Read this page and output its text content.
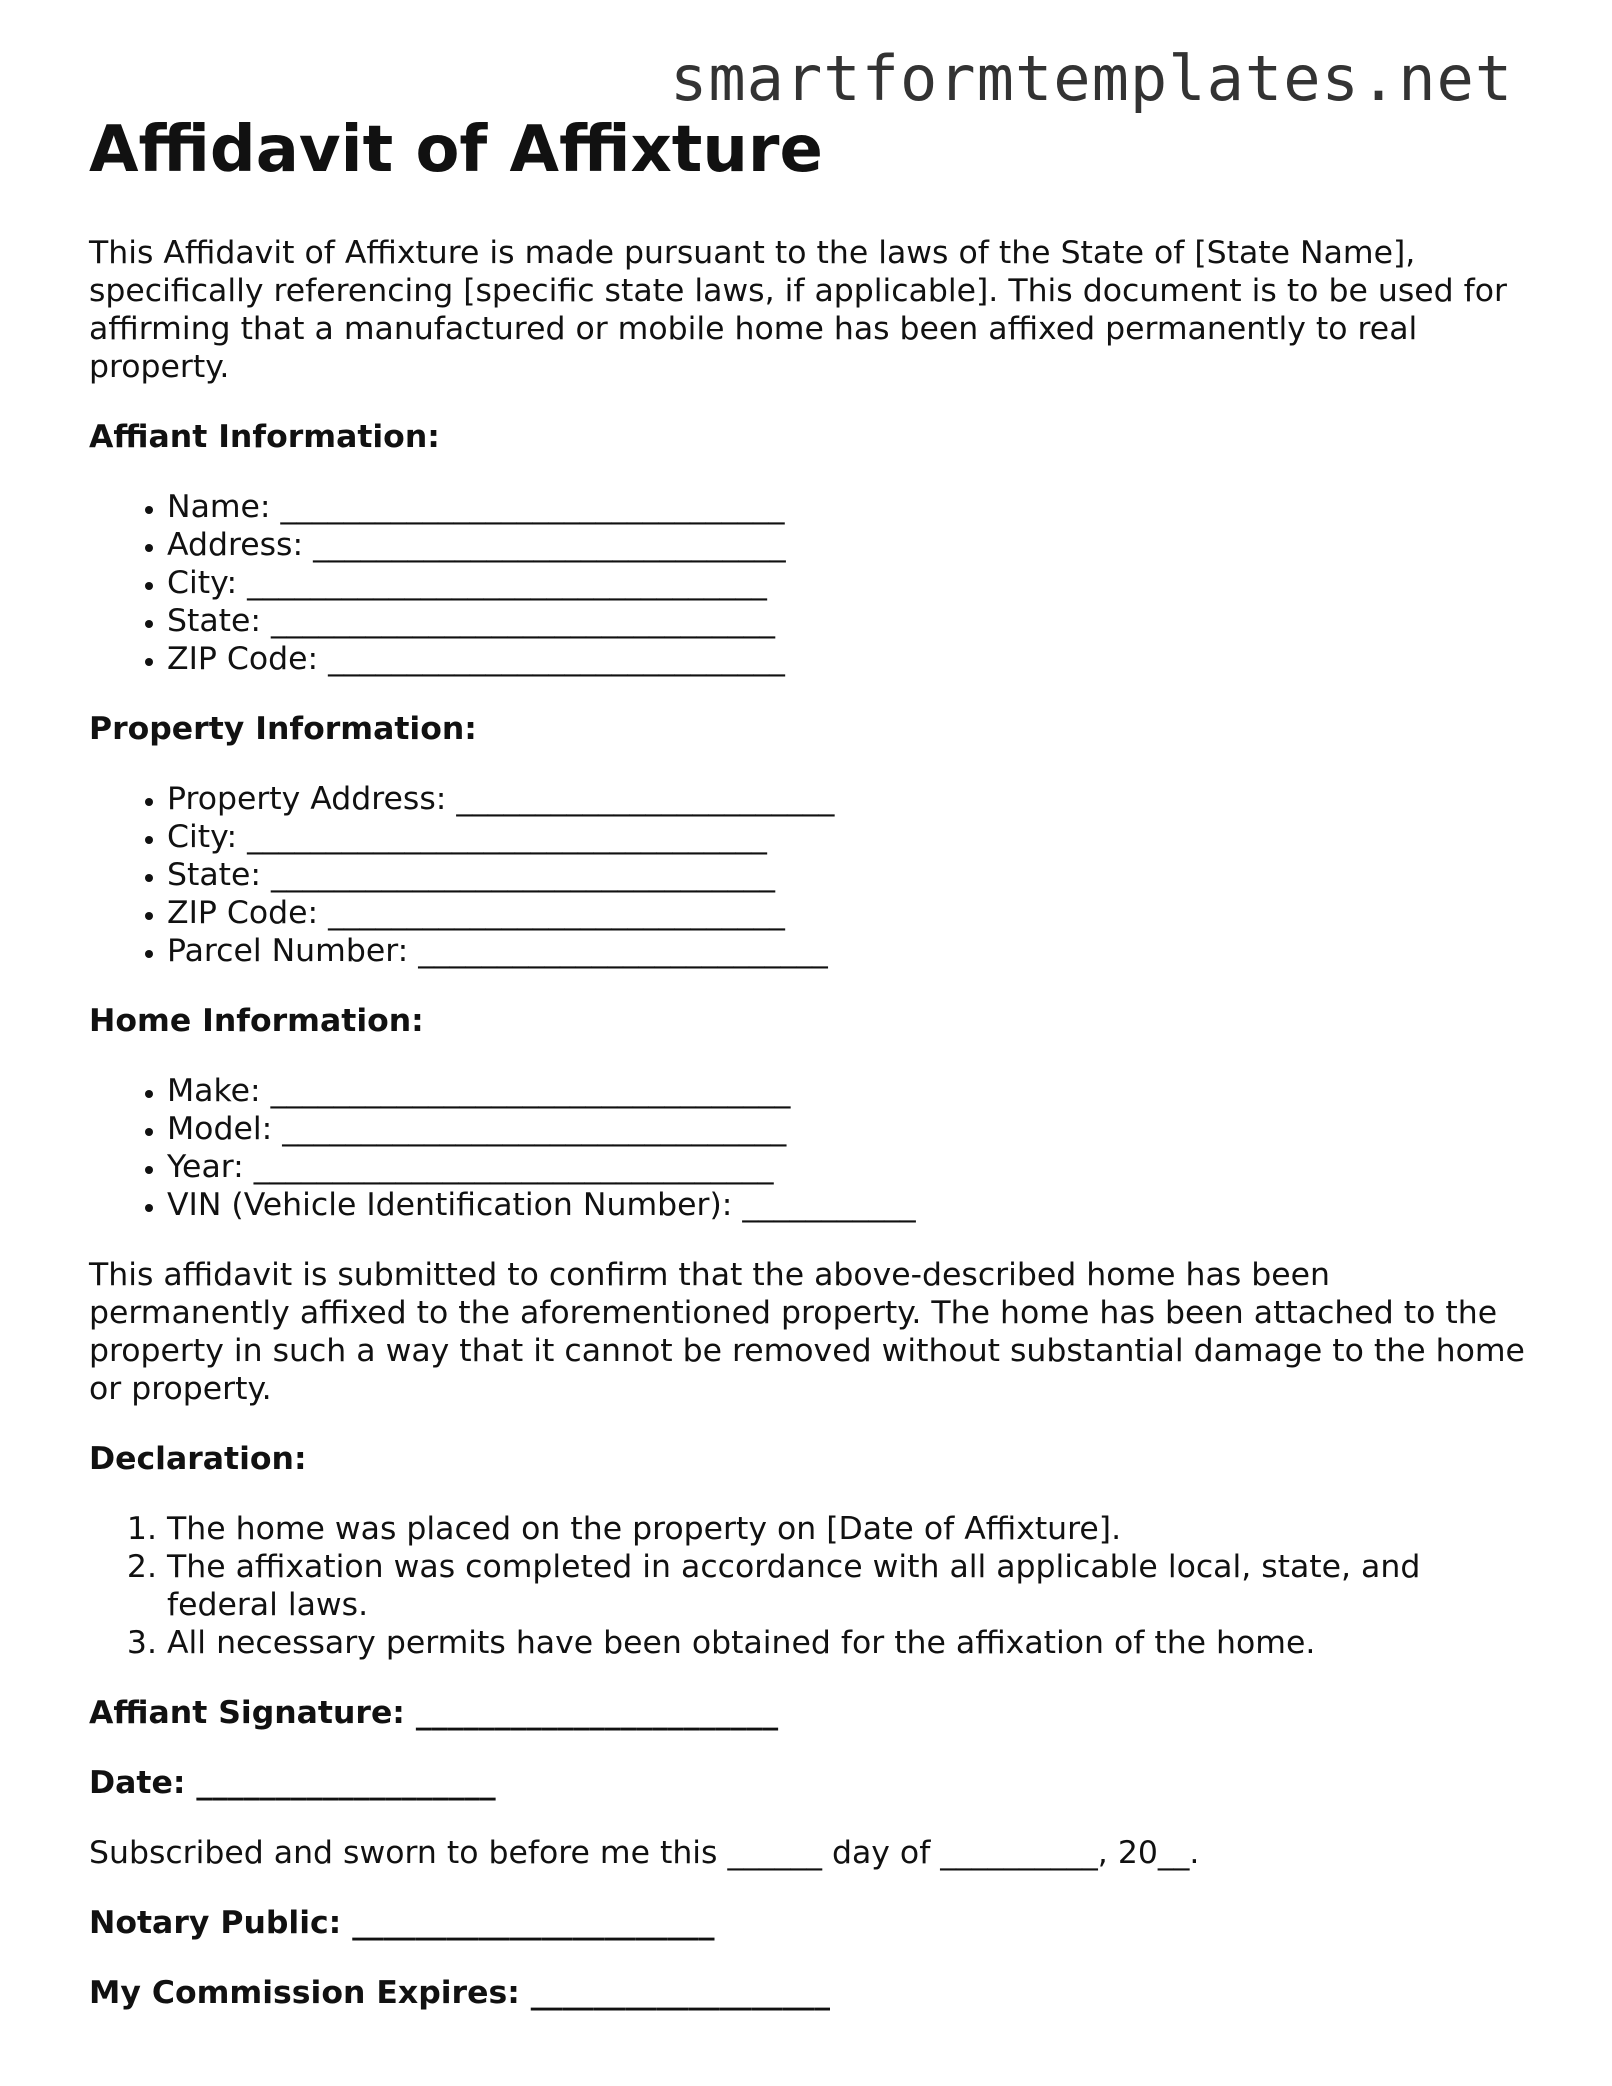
smartformtemplates.net
Affidavit of Affixture

This Affidavit of Affixture is made pursuant to the laws of the State of [State Name], specifically referencing [specific state laws, if applicable]. This document is to be used for affirming that a manufactured or mobile home has been affixed permanently to real property.

Affiant Information:
• Name: ________________________________
• Address: ______________________________
• City: _________________________________
• State: ________________________________
• ZIP Code: _____________________________
Property Information:
• Property Address: ________________________
• City: _________________________________
• State: ________________________________
• ZIP Code: _____________________________
• Parcel Number: __________________________
Home Information:
• Make: _________________________________
• Model: ________________________________
• Year: _________________________________
• VIN (Vehicle Identification Number): ___________

This affidavit is submitted to confirm that the above-described home has been permanently affixed to the aforementioned property. The home has been attached to the property in such a way that it cannot be removed without substantial damage to the home or property.

Declaration:
1. The home was placed on the property on [Date of Affixture].
2. The affixation was completed in accordance with all applicable local, state, and federal laws.
3. All necessary permits have been obtained for the affixation of the home.

Affiant Signature: _______________________

Date: ___________________

Subscribed and sworn to before me this ______ day of __________, 20__.

Notary Public: _______________________

My Commission Expires: ___________________
